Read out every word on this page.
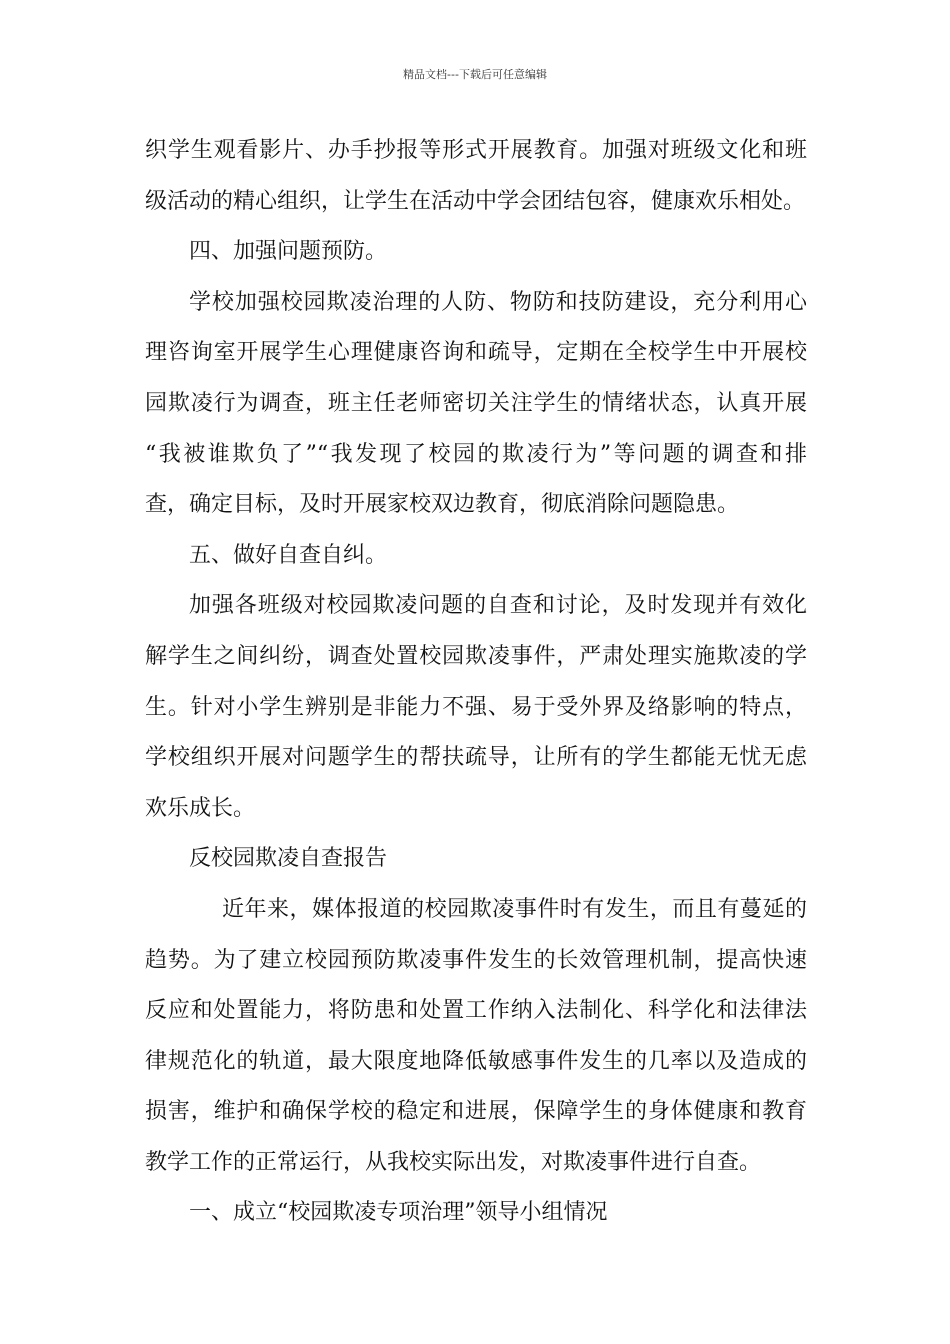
精品文档---下载后可任意编辑
织学生观看影片、办手抄报等形式开展教育。加强对班级文化和班
级活动的精心组织，让学生在活动中学会团结包容，健康欢乐相处。
四、加强问题预防。
学校加强校园欺凌治理的人防、物防和技防建设，充分利用心
理咨询室开展学生心理健康咨询和疏导，定期在全校学生中开展校
园欺凌行为调查，班主任老师密切关注学生的情绪状态，认真开展
“我被谁欺负了”“我发现了校园的欺凌行为”等问题的调查和排
查，确定目标，及时开展家校双边教育，彻底消除问题隐患。
五、做好自查自纠。
加强各班级对校园欺凌问题的自查和讨论，及时发现并有效化
解学生之间纠纷，调查处置校园欺凌事件，严肃处理实施欺凌的学
生。针对小学生辨别是非能力不强、易于受外界及络影响的特点，
学校组织开展对问题学生的帮扶疏导，让所有的学生都能无忧无虑
欢乐成长。
反校园欺凌自查报告
近年来，媒体报道的校园欺凌事件时有发生，而且有蔓延的
趋势。为了建立校园预防欺凌事件发生的长效管理机制，提高快速
反应和处置能力，将防患和处置工作纳入法制化、科学化和法律法
律规范化的轨道，最大限度地降低敏感事件发生的几率以及造成的
损害，维护和确保学校的稳定和进展，保障学生的身体健康和教育
教学工作的正常运行，从我校实际出发，对欺凌事件进行自查。
一、成立“校园欺凌专项治理”领导小组情况
